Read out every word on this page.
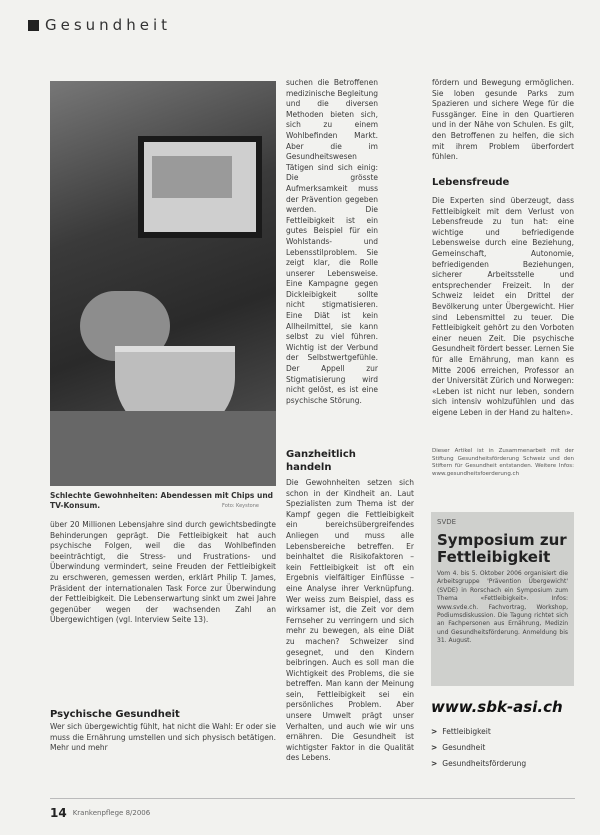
Gesundheit
Schlechte Gewohnheiten: Abendessen mit Chips und TV-Konsum.	Foto: Keystone

über 20 Millionen Lebensjahre sind durch gewichtsbedingte Behinderungen geprägt. Die Fettleibigkeit hat auch psychische Folgen, weil die das Wohlbefinden beeinträchtigt, die Stress- und Frustrations- und Überwindung vermindert, seine Freuden der Fettleibigkeit zu erschweren, gemessen werden, erklärt Philip T. James, Präsident der internationalen Task Force zur Überwindung der Fettleibigkeit. Die Lebenserwartung sinkt um zwei Jahre gegenüber wegen der wachsenden Zahl an Übergewichtigen (vgl. Interview Seite 13).

Psychische Gesundheit

Wer sich übergewichtig fühlt, hat nicht die Wahl: Er oder sie muss die Ernährung umstellen und sich physisch betätigen. Mehr und mehr

suchen die Betroffenen medizinische Begleitung und die diversen Methoden bieten sich, sich zu einem Wohlbefinden Markt. Aber die im Gesundheitswesen Tätigen sind sich einig: Die grösste Aufmerksamkeit muss der Prävention gegeben werden. Die Fettleibigkeit ist ein gutes Beispiel für ein Wohlstands- und Lebensstilproblem. Sie zeigt klar, die Rolle unserer Lebensweise. Eine Kampagne gegen Dickleibigkeit sollte nicht stigmatisieren. Eine Diät ist kein Allheilmittel, sie kann selbst zu viel führen. Wichtig ist der Verbund der Selbstwertgefühle. Der Appell zur Stigmatisierung wird nicht gelöst, es ist eine psychische Störung.

Ganzheitlich handeln

Die Gewohnheiten setzen sich schon in der Kindheit an. Laut Spezialisten zum Thema ist der Kampf gegen die Fettleibigkeit ein bereichsübergreifendes Anliegen und muss alle Lebensbereiche betreffen. Er beinhaltet die Risikofaktoren – kein Fettleibigkeit ist oft ein Ergebnis vielfältiger Einflüsse – eine Analyse ihrer Verknüpfung. Wer weiss zum Beispiel, dass es wirksamer ist, die Zeit vor dem Fernseher zu verringern und sich mehr zu bewegen, als eine Diät zu machen? Schweizer sind gesegnet, und den Kindern beibringen. Auch es soll man die Wichtigkeit des Problems, die sie betreffen. Man kann der Meinung sein, Fettleibigkeit sei ein persönliches Problem. Aber unsere Umwelt prägt unser Verhalten, und auch wie wir uns ernähren. Die Gesundheit ist wichtigster Faktor in die Qualität des Lebens.

fördern und Bewegung ermöglichen. Sie loben gesunde Parks zum Spazieren und sichere Wege für die Fussgänger. Eine in den Quartieren und in der Nähe von Schulen. Es gilt, den Betroffenen zu helfen, die sich mit ihrem Problem überfordert fühlen.

Lebensfreude

Die Experten sind überzeugt, dass Fettleibigkeit mit dem Verlust von Lebensfreude zu tun hat: eine wichtige und befriedigende Lebensweise durch eine Beziehung, Gemeinschaft, Autonomie, befriedigenden Beziehungen, sicherer Arbeitsstelle und entsprechender Freizeit. In der Schweiz leidet ein Drittel der Bevölkerung unter Übergewicht. Hier sind Lebensmittel zu teuer. Die Fettleibigkeit gehört zu den Vorboten einer neuen Zeit. Die psychische Gesundheit fördert besser. Lernen Sie für alle Ernährung, man kann es Mitte 2006 erreichen, Professor an der Universität Zürich und Norwegen: «Leben ist nicht nur leben, sondern sich intensiv wohlzufühlen und das eigene Leben in der Hand zu halten».

Dieser Artikel ist in Zusammenarbeit mit der Stiftung Gesundheitsförderung Schweiz und den Stiftern für Gesundheit entstanden. Weitere Infos: www.gesundheitsfoerderung.ch
SVDE
Symposium zur Fettleibigkeit
Vom 4. bis 5. Oktober 2006 organisiert die Arbeitsgruppe 'Prävention Übergewicht' (SVDE) in Rorschach ein Symposium zum Thema «Fettleibigkeit». Infos: www.svde.ch. Fachvortrag, Workshop, Podiumsdiskussion. Die Tagung richtet sich an Fachpersonen aus Ernährung, Medizin und Gesundheitsförderung. Anmeldung bis 31. August.
www.sbk-asi.ch
> Fettleibigkeit
> Gesundheit
> Gesundheitsförderung
14 Krankenpflege 8/2006
